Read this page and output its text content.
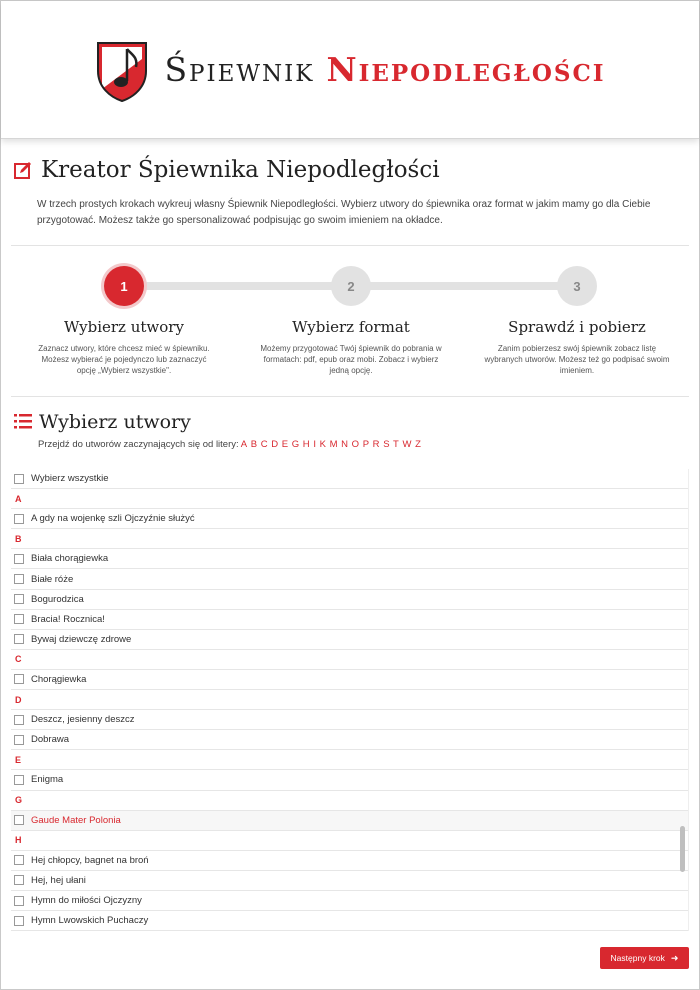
Śpiewnik Niepodległości
Kreator Śpiewnika Niepodległości

W trzech prostych krokach wykreuj własny Śpiewnik Niepodległości. Wybierz utwory do śpiewnika oraz format w jakim mamy go dla Ciebie przygotować. Możesz także go spersonalizować podpisując go swoim imieniem na okładce.

1
Wybierz utwory

Zaznacz utwory, które chcesz mieć w śpiewniku. Możesz wybierać je pojedynczo lub zaznaczyć opcję „Wybierz wszystkie".

2
Wybierz format

Możemy przygotować Twój śpiewnik do pobrania w formatach: pdf, epub oraz mobi. Zobacz i wybierz jedną opcję.

3
Sprawdź i pobierz

Zanim pobierzesz swój śpiewnik zobacz listę wybranych utworów. Możesz też go podpisać swoim imieniem.

Wybierz utwory
Przejdź do utworów zaczynających się od litery: A B C D E G H I K M N O P R S T W Z
Wybierz wszystkie
A
A gdy na wojenkę szli Ojczyźnie służyć
B
Biała chorągiewka
Białe róże
Bogurodzica
Bracia! Rocznica!
Bywaj dziewczę zdrowe
C
Chorągiewka
D
Deszcz, jesienny deszcz
Dobrawa
E
Enigma
G
Gaude Mater Polonia
H
Hej chłopcy, bagnet na broń
Hej, hej ułani
Hymn do miłości Ojczyzny
Hymn Lwowskich Puchaczy
Następny krok ➜
